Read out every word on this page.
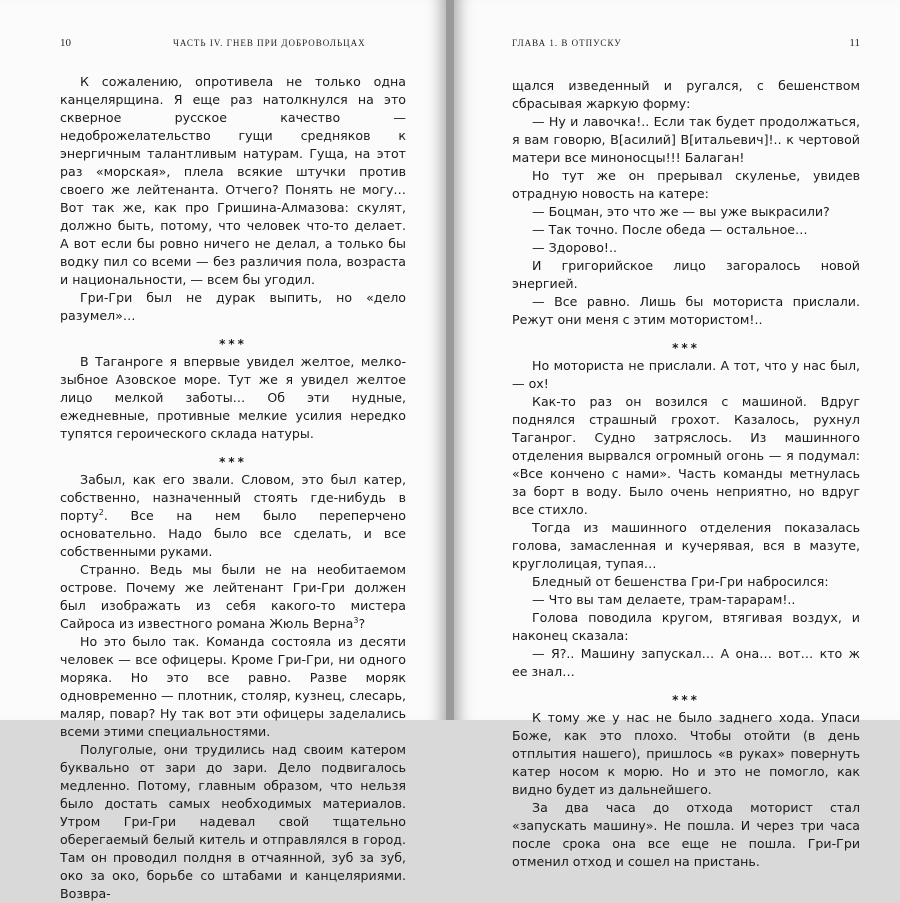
10	ЧАСТЬ IV. ГНЕВ ПРИ ДОБРОВОЛЬЦАХ

К сожалению, опротивела не только одна канцелярщина. Я еще раз натолкнулся на это скверное русское качество — недоброжелательство гущи средняков к энергичным талантливым натурам. Гуща, на этот раз «морская», плела всякие штучки против своего же лейтенанта. Отчего? Понять не могу… Вот так же, как про Гришина-Алмазова: скулят, должно быть, потому, что человек что-то делает. А вот если бы ровно ничего не делал, а только бы водку пил со всеми — без различия пола, возраста и национальности, — всем бы угодил.

Гри-Гри был не дурак выпить, но «дело разумел»…

***

В Таганроге я впервые увидел желтое, мелко-зыбное Азовское море. Тут же я увидел желтое лицо мелкой заботы… Об эти нудные, ежедневные, противные мелкие усилия нередко тупятся героического склада натуры.

***

Забыл, как его звали. Словом, это был катер, собственно, назначенный стоять где-нибудь в порту$^2$. Все на нем было переперчено основательно. Надо было все сделать, и все собственными руками.

Странно. Ведь мы были не на необитаемом острове. Почему же лейтенант Гри-Гри должен был изображать из себя какого-то мистера Сайроса из известного романа Жюль Верна$^3$?

Но это было так. Команда состояла из десяти человек — все офицеры. Кроме Гри-Гри, ни одного моряка. Но это все равно. Разве моряк одновременно — плотник, столяр, кузнец, слесарь, маляр, повар? Ну так вот эти офицеры заделались всеми этими специальностями.

Полуголые, они трудились над своим катером буквально от зари до зари. Дело подвигалось медленно. Потому, главным образом, что нельзя было достать самых необходимых материалов. Утром Гри-Гри надевал свой тщательно оберегаемый белый китель и отправлялся в город. Там он проводил полдня в отчаянной, зуб за зуб, око за око, борьбе со штабами и канцеляриями. Возвра-

ГЛАВА 1. В ОТПУСКУ	11

щался изведенный и ругался, с бешенством сбрасывая жаркую форму:

— Ну и лавочка!.. Если так будет продолжаться, я вам говорю, В[асилий] В[итальевич]!.. к чертовой матери все миноносцы!!! Балаган!

Но тут же он прерывал скуленье, увидев отрадную новость на катере:

— Боцман, это что же — вы уже выкрасили?

— Так точно. После обеда — остальное…

— Здорово!..

И григорийское лицо загоралось новой энергией.

— Все равно. Лишь бы моториста прислали. Режут они меня с этим мотористом!..

***

Но моториста не прислали. А тот, что у нас был, — ох!

Как-то раз он возился с машиной. Вдруг поднялся страшный грохот. Казалось, рухнул Таганрог. Судно затряслось. Из машинного отделения вырвался огромный огонь — я подумал: «Все кончено с нами». Часть команды метнулась за борт в воду. Было очень неприятно, но вдруг все стихло.

Тогда из машинного отделения показалась голова, замасленная и кучерявая, вся в мазуте, круглолицая, тупая…

Бледный от бешенства Гри-Гри набросился:

— Что вы там делаете, трам-тарарам!..

Голова поводила кругом, втягивая воздух, и наконец сказала:

— Я?.. Машину запускал… А она… вот… кто ж ее знал…

***

К тому же у нас не было заднего хода. Упаси Боже, как это плохо. Чтобы отойти (в день отплытия нашего), пришлось «в руках» повернуть катер носом к морю. Но и это не помогло, как видно будет из дальнейшего.

За два часа до отхода моторист стал «запускать машину». Не пошла. И через три часа после срока она все еще не пошла. Гри-Гри отменил отход и сошел на пристань.
